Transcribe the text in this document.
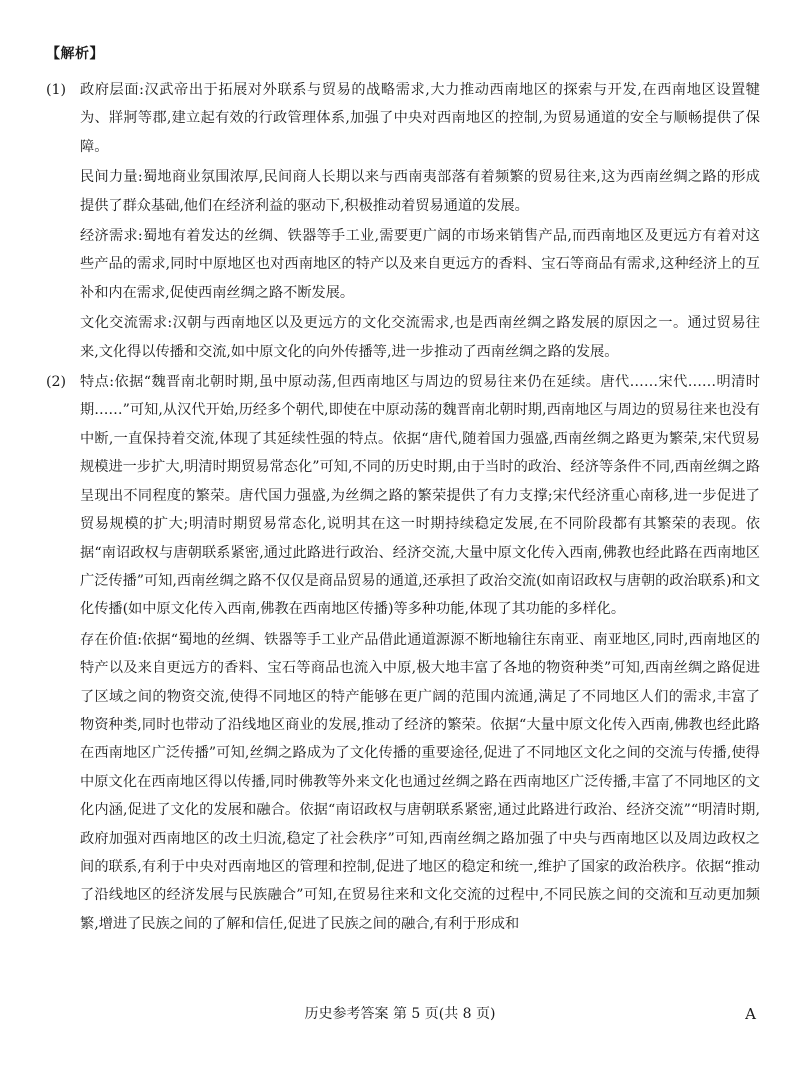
【解析】
(1) 政府层面:汉武帝出于拓展对外联系与贸易的战略需求,大力推动西南地区的探索与开发,在西南地区设置犍为、牂牁等郡,建立起有效的行政管理体系,加强了中央对西南地区的控制,为贸易通道的安全与顺畅提供了保障。

民间力量:蜀地商业氛围浓厚,民间商人长期以来与西南夷部落有着频繁的贸易往来,这为西南丝绸之路的形成提供了群众基础,他们在经济利益的驱动下,积极推动着贸易通道的发展。

经济需求:蜀地有着发达的丝绸、铁器等手工业,需要更广阔的市场来销售产品,而西南地区及更远方有着对这些产品的需求,同时中原地区也对西南地区的特产以及来自更远方的香料、宝石等商品有需求,这种经济上的互补和内在需求,促使西南丝绸之路不断发展。

文化交流需求:汉朝与西南地区以及更远方的文化交流需求,也是西南丝绸之路发展的原因之一。通过贸易往来,文化得以传播和交流,如中原文化的向外传播等,进一步推动了西南丝绸之路的发展。

(2) 特点:依据“魏晋南北朝时期,虽中原动荡,但西南地区与周边的贸易往来仍在延续。唐代……宋代……明清时期……”可知,从汉代开始,历经多个朝代,即使在中原动荡的魏晋南北朝时期,西南地区与周边的贸易往来也没有中断,一直保持着交流,体现了其延续性强的特点。依据“唐代,随着国力强盛,西南丝绸之路更为繁荣,宋代贸易规模进一步扩大,明清时期贸易常态化”可知,不同的历史时期,由于当时的政治、经济等条件不同,西南丝绸之路呈现出不同程度的繁荣。唐代国力强盛,为丝绸之路的繁荣提供了有力支撑;宋代经济重心南移,进一步促进了贸易规模的扩大;明清时期贸易常态化,说明其在这一时期持续稳定发展,在不同阶段都有其繁荣的表现。依据“南诏政权与唐朝联系紧密,通过此路进行政治、经济交流,大量中原文化传入西南,佛教也经此路在西南地区广泛传播”可知,西南丝绸之路不仅仅是商品贸易的通道,还承担了政治交流(如南诏政权与唐朝的政治联系)和文化传播(如中原文化传入西南,佛教在西南地区传播)等多种功能,体现了其功能的多样化。

存在价值:依据“蜀地的丝绸、铁器等手工业产品借此通道源源不断地输往东南亚、南亚地区,同时,西南地区的特产以及来自更远方的香料、宝石等商品也流入中原,极大地丰富了各地的物资种类”可知,西南丝绸之路促进了区域之间的物资交流,使得不同地区的特产能够在更广阔的范围内流通,满足了不同地区人们的需求,丰富了物资种类,同时也带动了沿线地区商业的发展,推动了经济的繁荣。依据“大量中原文化传入西南,佛教也经此路在西南地区广泛传播”可知,丝绸之路成为了文化传播的重要途径,促进了不同地区文化之间的交流与传播,使得中原文化在西南地区得以传播,同时佛教等外来文化也通过丝绸之路在西南地区广泛传播,丰富了不同地区的文化内涵,促进了文化的发展和融合。依据“南诏政权与唐朝联系紧密,通过此路进行政治、经济交流”“明清时期,政府加强对西南地区的改土归流,稳定了社会秩序”可知,西南丝绸之路加强了中央与西南地区以及周边政权之间的联系,有利于中央对西南地区的管理和控制,促进了地区的稳定和统一,维护了国家的政治秩序。依据“推动了沿线地区的经济发展与民族融合”可知,在贸易往来和文化交流的过程中,不同民族之间的交流和互动更加频繁,增进了民族之间的了解和信任,促进了民族之间的融合,有利于形成和

历史参考答案 第 5 页(共 8 页)	A
